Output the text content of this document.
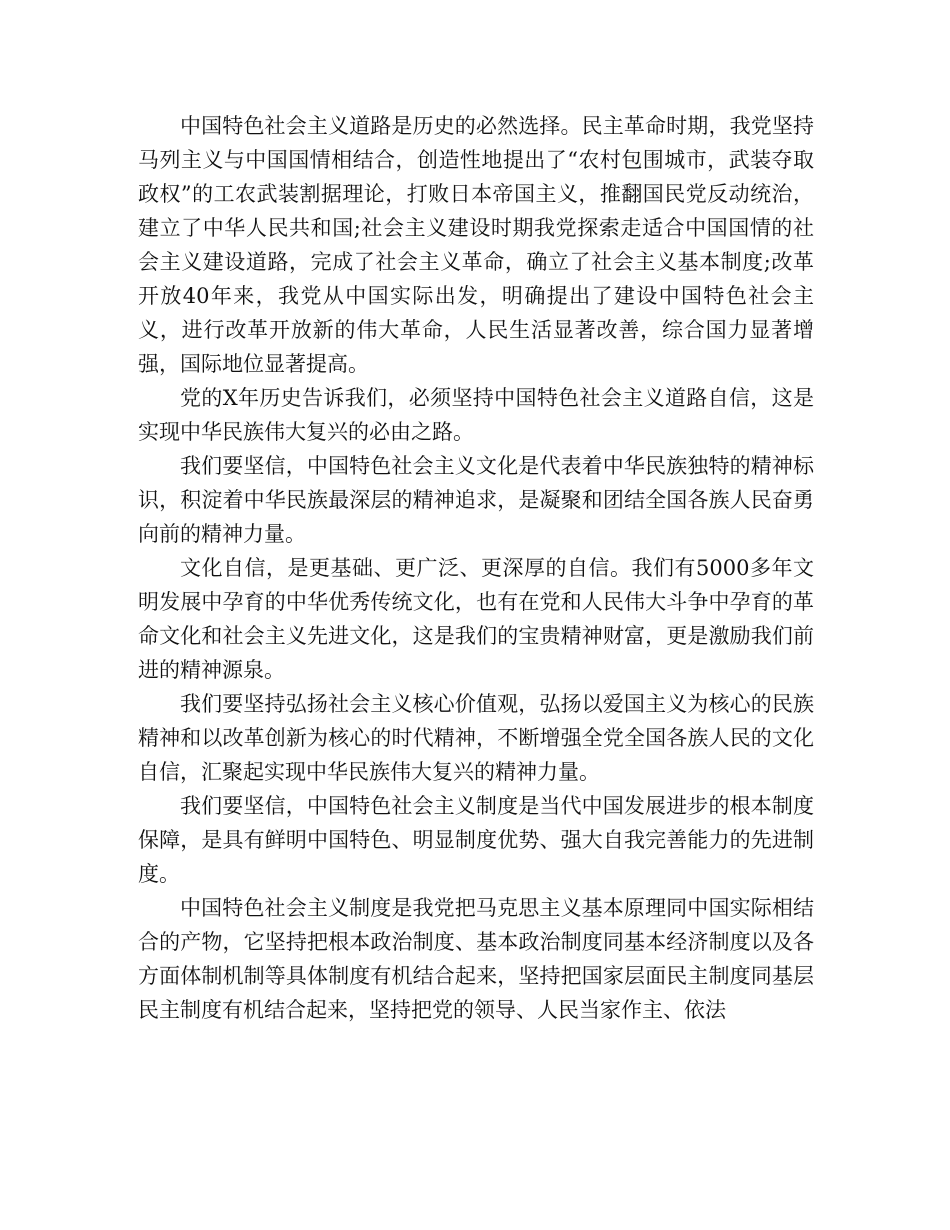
中国特色社会主义道路是历史的必然选择。民主革命时期，我党坚持马列主义与中国国情相结合，创造性地提出了“农村包围城市，武装夺取政权”的工农武装割据理论，打败日本帝国主义，推翻国民党反动统治，建立了中华人民共和国;社会主义建设时期我党探索走适合中国国情的社会主义建设道路，完成了社会主义革命，确立了社会主义基本制度;改革开放40年来，我党从中国实际出发，明确提出了建设中国特色社会主义，进行改革开放新的伟大革命，人民生活显著改善，综合国力显著增强，国际地位显著提高。

党的X年历史告诉我们，必须坚持中国特色社会主义道路自信，这是实现中华民族伟大复兴的必由之路。

我们要坚信，中国特色社会主义文化是代表着中华民族独特的精神标识，积淀着中华民族最深层的精神追求，是凝聚和团结全国各族人民奋勇向前的精神力量。

文化自信，是更基础、更广泛、更深厚的自信。我们有5000多年文明发展中孕育的中华优秀传统文化，也有在党和人民伟大斗争中孕育的革命文化和社会主义先进文化，这是我们的宝贵精神财富，更是激励我们前进的精神源泉。

我们要坚持弘扬社会主义核心价值观，弘扬以爱国主义为核心的民族精神和以改革创新为核心的时代精神，不断增强全党全国各族人民的文化自信，汇聚起实现中华民族伟大复兴的精神力量。

我们要坚信，中国特色社会主义制度是当代中国发展进步的根本制度保障，是具有鲜明中国特色、明显制度优势、强大自我完善能力的先进制度。

中国特色社会主义制度是我党把马克思主义基本原理同中国实际相结合的产物，它坚持把根本政治制度、基本政治制度同基本经济制度以及各方面体制机制等具体制度有机结合起来，坚持把国家层面民主制度同基层民主制度有机结合起来，坚持把党的领导、人民当家作主、依法
